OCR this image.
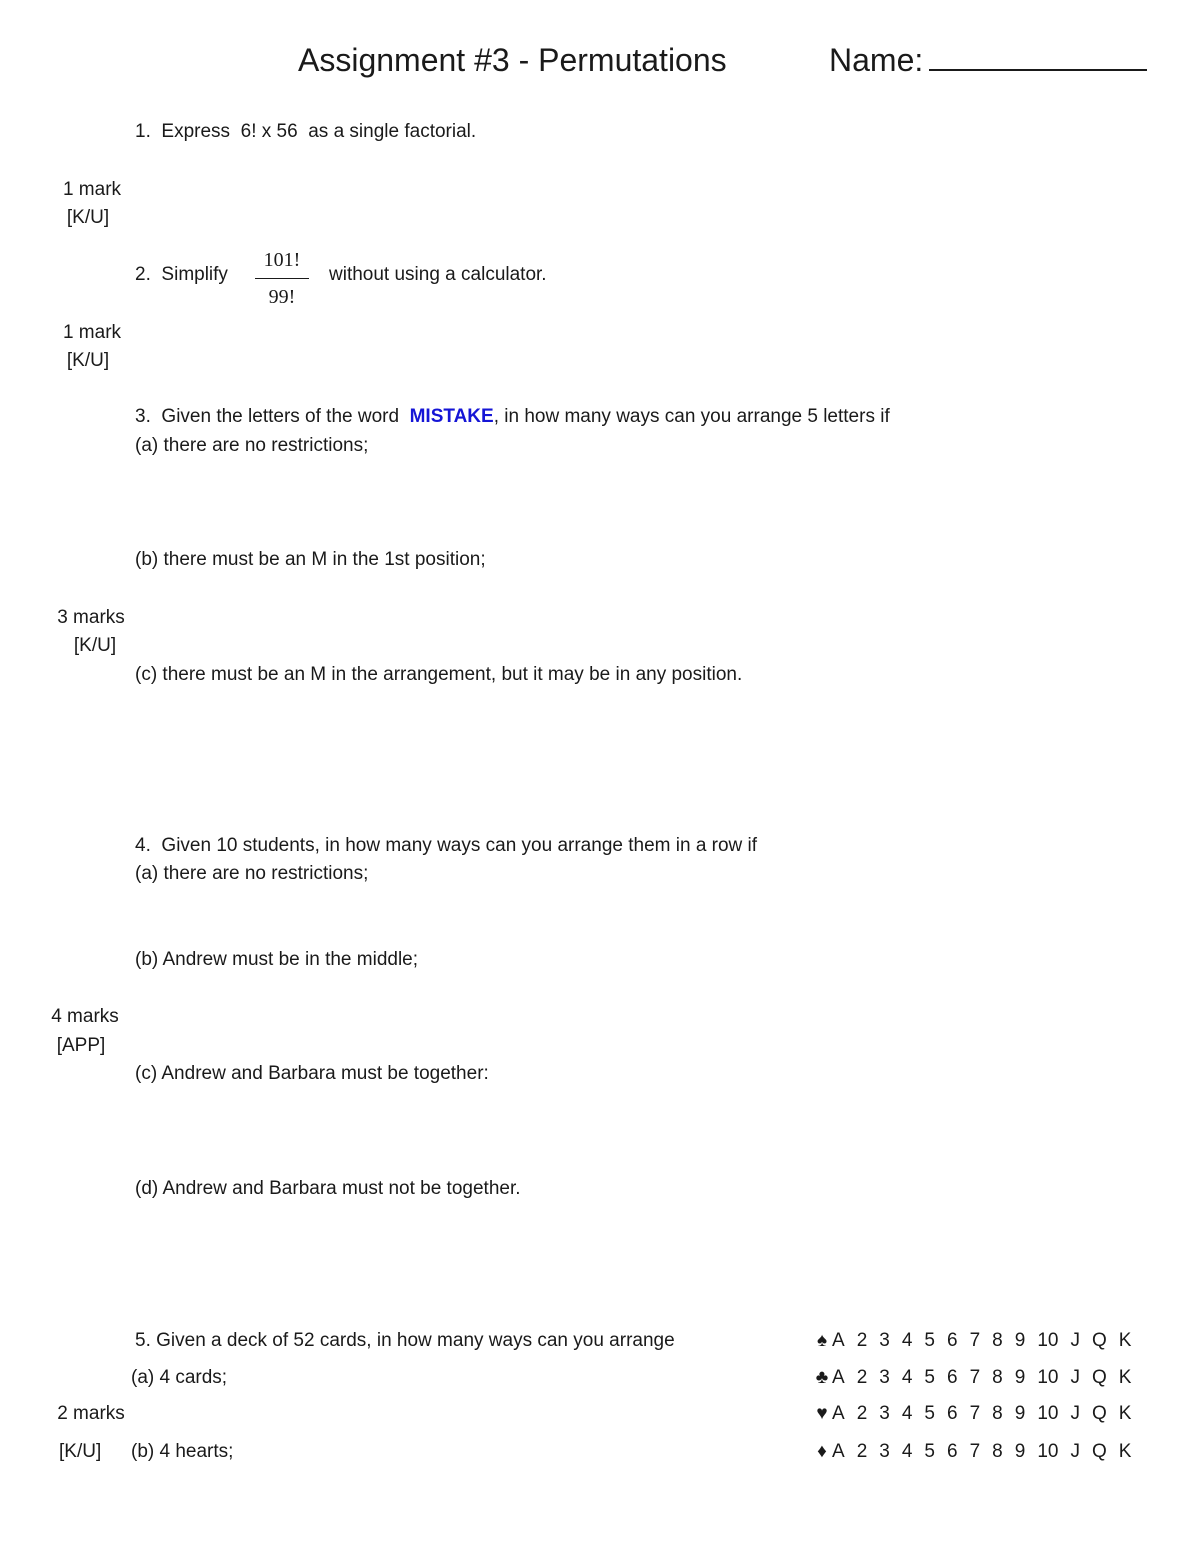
Assignment #3 - Permutations	Name:
1. Express 6! x 56 as a single factorial.
1 mark
[K/U]
2. Simplify
101!
99!
without using a calculator.
1 mark
[K/U]
3. Given the letters of the word MISTAKE, in how many ways can you arrange 5 letters if
(a) there are no restrictions;
(b) there must be an M in the 1st position;
3 marks
[K/U]
(c) there must be an M in the arrangement, but it may be in any position.
4. Given 10 students, in how many ways can you arrange them in a row if
(a) there are no restrictions;
(b) Andrew must be in the middle;
4 marks
[APP]
(c) Andrew and Barbara must be together:
(d) Andrew and Barbara must not be together.
5. Given a deck of 52 cards, in how many ways can you arrange
(a) 4 cards;
2 marks
[K/U] (b) 4 hearts;
♠ A 2 3 4 5 6 7 8 9 10 J Q K
♣ A 2 3 4 5 6 7 8 9 10 J Q K
♥ A 2 3 4 5 6 7 8 9 10 J Q K
♦ A 2 3 4 5 6 7 8 9 10 J Q K
